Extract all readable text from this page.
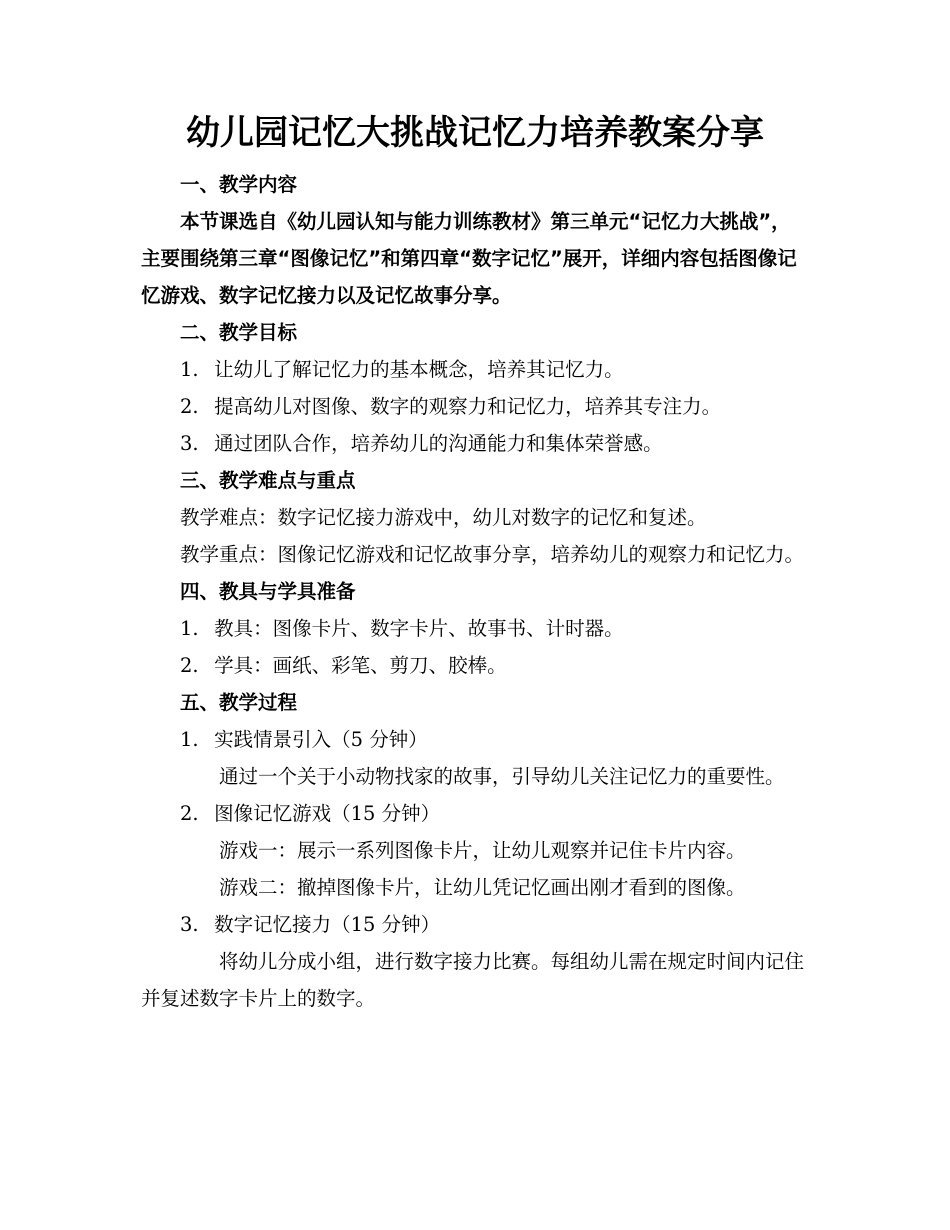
幼儿园记忆大挑战记忆力培养教案分享

一、教学内容

本节课选自《幼儿园认知与能力训练教材》第三单元“记忆力大挑战”，主要围绕第三章“图像记忆”和第四章“数字记忆”展开，详细内容包括图像记忆游戏、数字记忆接力以及记忆故事分享。

二、教学目标

1. 让幼儿了解记忆力的基本概念，培养其记忆力。

2. 提高幼儿对图像、数字的观察力和记忆力，培养其专注力。

3. 通过团队合作，培养幼儿的沟通能力和集体荣誉感。

三、教学难点与重点

教学难点：数字记忆接力游戏中，幼儿对数字的记忆和复述。

教学重点：图像记忆游戏和记忆故事分享，培养幼儿的观察力和记忆力。

四、教具与学具准备

1. 教具：图像卡片、数字卡片、故事书、计时器。

2. 学具：画纸、彩笔、剪刀、胶棒。

五、教学过程

1. 实践情景引入（5 分钟）

通过一个关于小动物找家的故事，引导幼儿关注记忆力的重要性。

2. 图像记忆游戏（15 分钟）

游戏一：展示一系列图像卡片，让幼儿观察并记住卡片内容。

游戏二：撤掉图像卡片，让幼儿凭记忆画出刚才看到的图像。

3. 数字记忆接力（15 分钟）

将幼儿分成小组，进行数字接力比赛。每组幼儿需在规定时间内记住并复述数字卡片上的数字。
